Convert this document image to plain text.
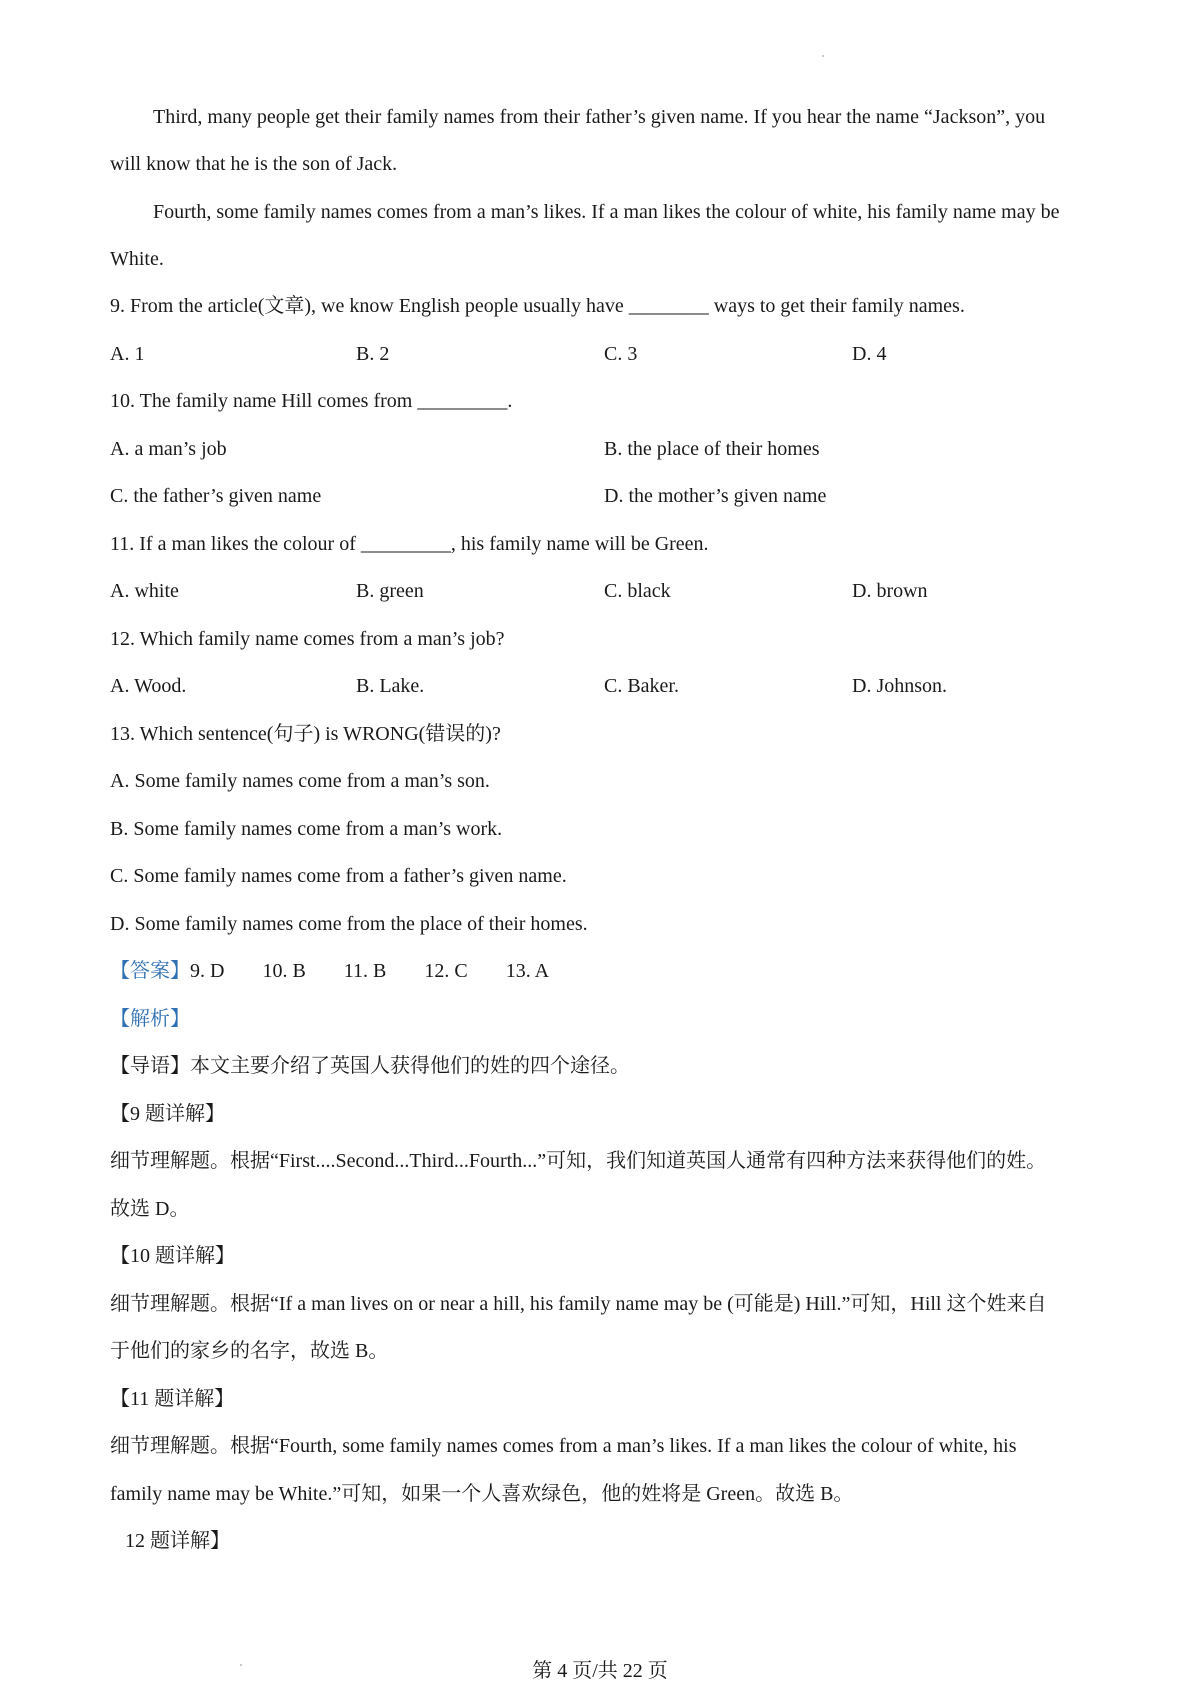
Third, many people get their family names from their father’s given name. If you hear the name “Jackson”, you

will know that he is the son of Jack.

Fourth, some family names comes from a man’s likes. If a man likes the colour of white, his family name may be

White.

9. From the article(文章), we know English people usually have ________ ways to get their family names.

A. 1	B. 2	C. 3	D. 4

10. The family name Hill comes from _________.

A. a man’s job	B. the place of their homes
C. the father’s given name	D. the mother’s given name

11. If a man likes the colour of _________, his family name will be Green.

A. white	B. green	C. black	D. brown

12. Which family name comes from a man’s job?

A. Wood.	B. Lake.	C. Baker.	D. Johnson.

13. Which sentence(句子) is WRONG(错误的)?

A. Some family names come from a man’s son.

B. Some family names come from a man’s work.

C. Some family names come from a father’s given name.

D. Some family names come from the place of their homes.

【答案】9. D 10. B 11. B 12. C 13. A

【解析】

【导语】本文主要介绍了英国人获得他们的姓的四个途径。

【9 题详解】

细节理解题。根据“First....Second...Third...Fourth...”可知，我们知道英国人通常有四种方法来获得他们的姓。

故选 D。

【10 题详解】

细节理解题。根据“If a man lives on or near a hill, his family name may be (可能是) Hill.”可知，Hill 这个姓来自

于他们的家乡的名字，故选 B。

【11 题详解】

细节理解题。根据“Fourth, some family names comes from a man’s likes. If a man likes the colour of white, his

family name may be White.”可知，如果一个人喜欢绿色，他的姓将是 Green。故选 B。

12 题详解】

第 4 页/共 22 页
